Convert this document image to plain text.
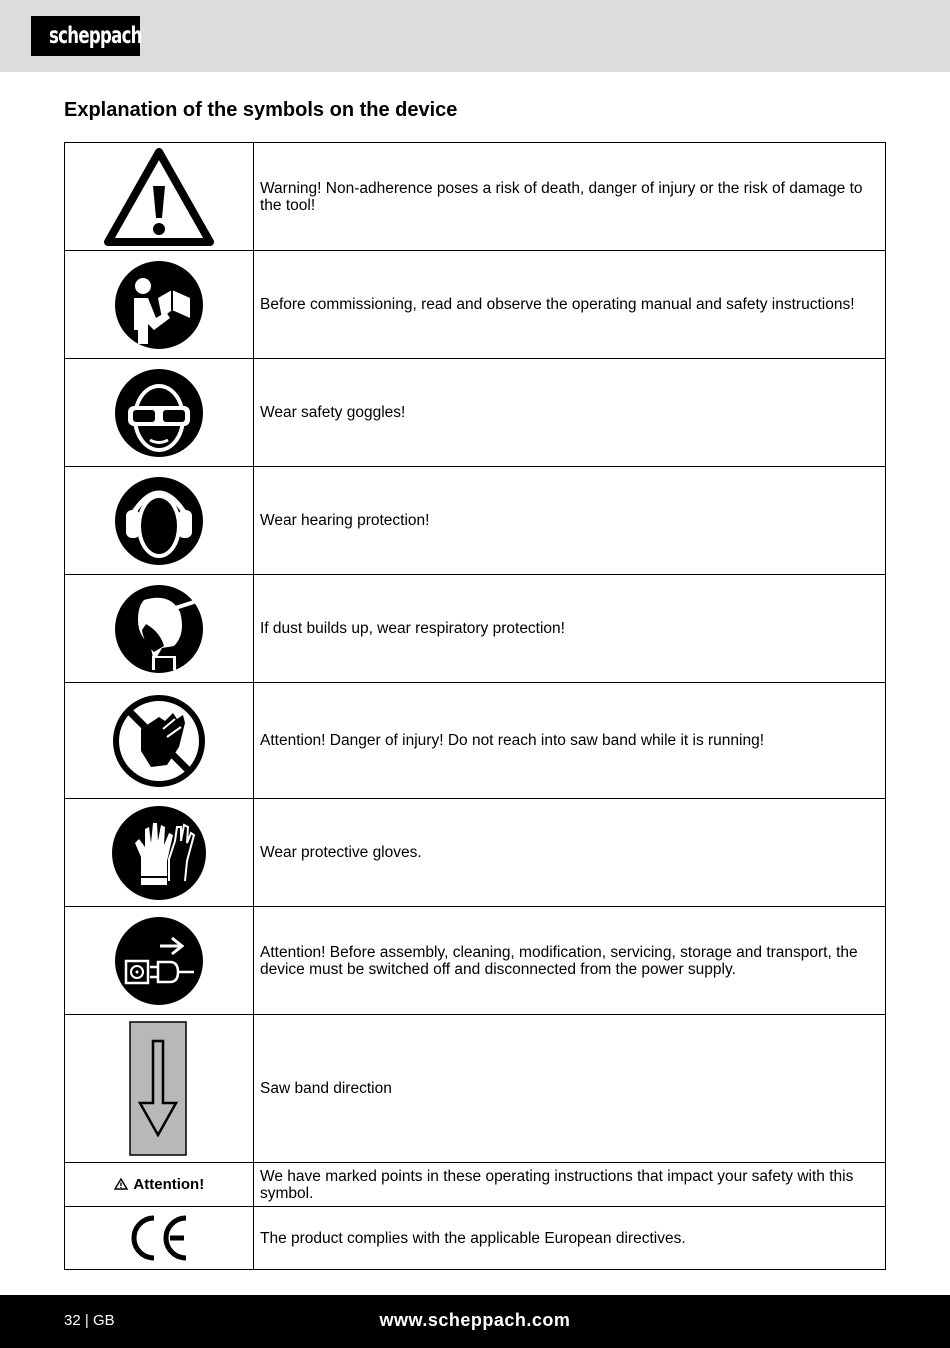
scheppach
Explanation of the symbols on the device

Warning! Non-adherence poses a risk of death, danger of injury or the risk of damage to the tool!

Before commissioning, read and observe the operating manual and safety instructions!

Wear safety goggles!

Wear hearing protection!

If dust builds up, wear respiratory protection!

Attention! Danger of injury! Do not reach into saw band while it is running!

Wear protective gloves.

Attention! Before assembly, cleaning, modification, servicing, storage and transport, the device must be switched off and disconnected from the power supply.

Saw band direction

Attention!	We have marked points in these operating instructions that impact your safety with this symbol.

The product complies with the applicable European directives.
32 | GB	www.scheppach.com
